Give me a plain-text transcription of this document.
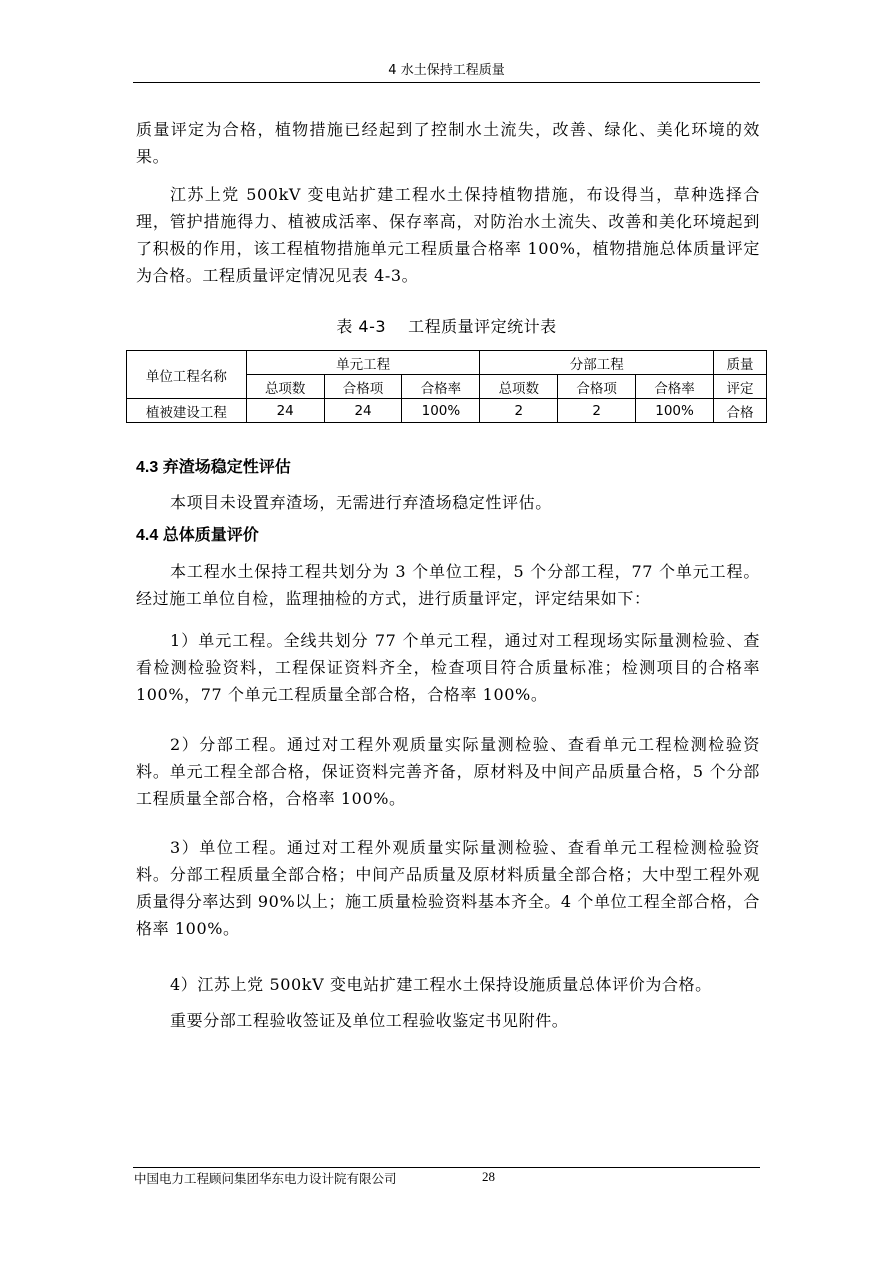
4 水土保持工程质量

质量评定为合格，植物措施已经起到了控制水土流失，改善、绿化、美化环境的效果。

江苏上党 500kV 变电站扩建工程水土保持植物措施，布设得当，草种选择合理，管护措施得力、植被成活率、保存率高，对防治水土流失、改善和美化环境起到了积极的作用，该工程植物措施单元工程质量合格率 100%，植物措施总体质量评定为合格。工程质量评定情况见表 4-3。

表 4-3　 工程质量评定统计表
单位工程名称	单元工程			分部工程			质量
	总项数	合格项	合格率	总项数	合格项	合格率	评定
植被建设工程	24	24	100%	2	2	100%	合格
4.3 弃渣场稳定性评估

本项目未设置弃渣场，无需进行弃渣场稳定性评估。

4.4 总体质量评价

本工程水土保持工程共划分为 3 个单位工程，5 个分部工程，77 个单元工程。经过施工单位自检，监理抽检的方式，进行质量评定，评定结果如下：

1）单元工程。全线共划分 77 个单元工程，通过对工程现场实际量测检验、查看检测检验资料，工程保证资料齐全，检查项目符合质量标准；检测项目的合格率 100%，77 个单元工程质量全部合格，合格率 100%。

2）分部工程。通过对工程外观质量实际量测检验、查看单元工程检测检验资料。单元工程全部合格，保证资料完善齐备，原材料及中间产品质量合格，5 个分部工程质量全部合格，合格率 100%。

3）单位工程。通过对工程外观质量实际量测检验、查看单元工程检测检验资料。分部工程质量全部合格；中间产品质量及原材料质量全部合格；大中型工程外观质量得分率达到 90%以上；施工质量检验资料基本齐全。4 个单位工程全部合格，合格率 100%。

4）江苏上党 500kV 变电站扩建工程水土保持设施质量总体评价为合格。

重要分部工程验收签证及单位工程验收鉴定书见附件。

中国电力工程顾问集团华东电力设计院有限公司	28
